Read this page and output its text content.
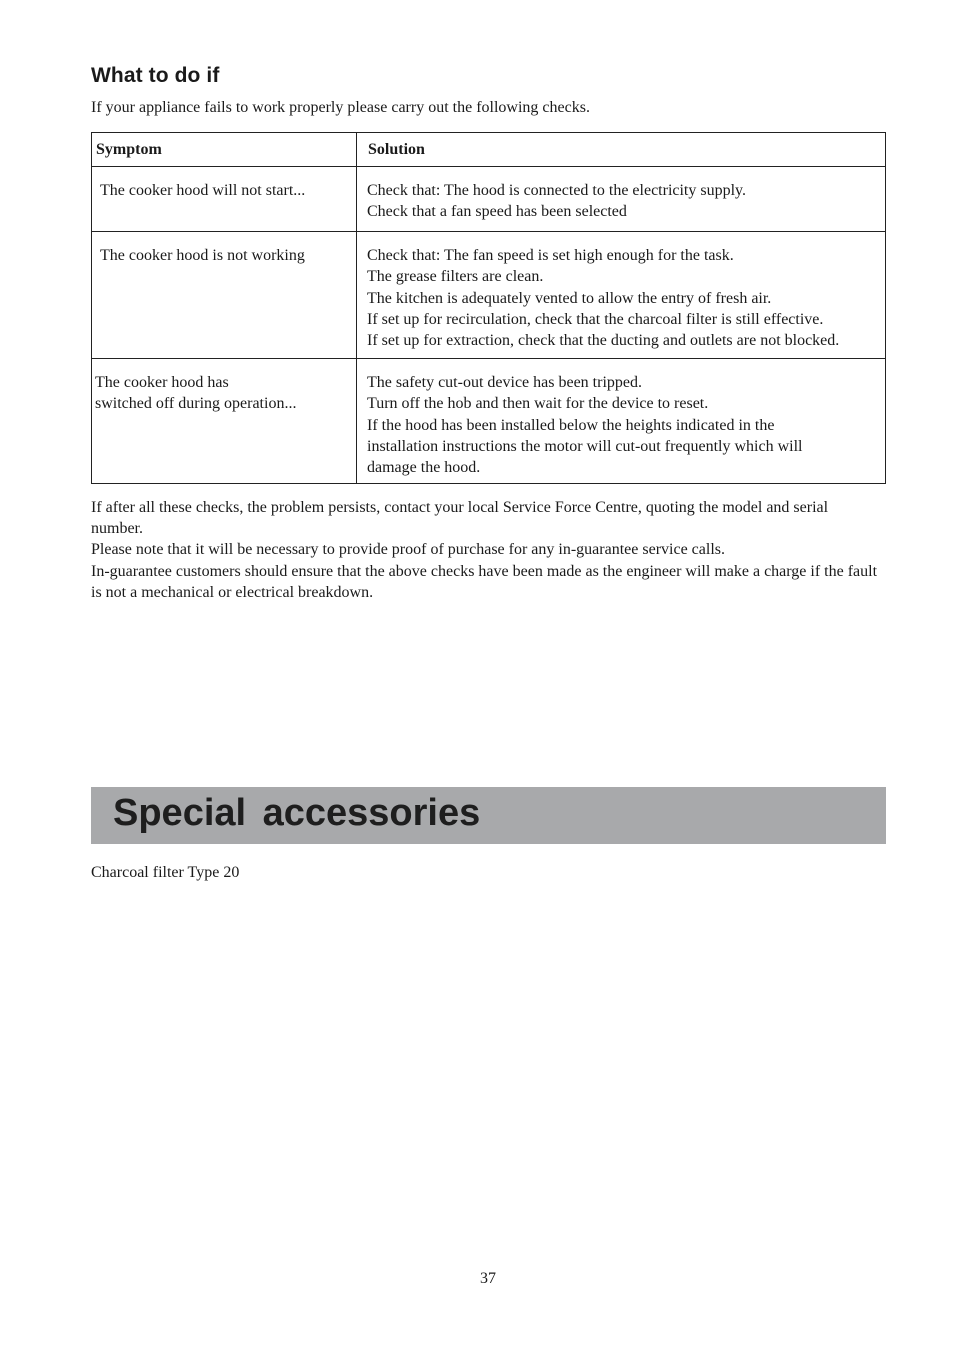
What to do if
If your appliance fails to work properly please carry out the following checks.
Symptom	Solution

The cooker hood will not start...	Check that: The hood is connected to the electricity supply.
Check that a fan speed has been selected

The cooker hood is not working	Check that: The fan speed is set high enough for the task.
The grease filters are clean.
The kitchen is adequately vented to allow the entry of fresh air.
If set up for recirculation, check that the charcoal filter is still effective.
If set up for extraction, check that the ducting and outlets are not blocked.

The cooker hood has
switched off during operation...	The safety cut-out device has been tripped.
Turn off the hob and then wait for the device to reset.
If the hood has been installed below the heights indicated in the
installation instructions the motor will cut-out frequently which will
damage the hood.

If after all these checks, the problem persists, contact your local Service Force Centre, quoting the model and serial number.

Please note that it will be necessary to provide proof of purchase for any in-guarantee service calls.

In-guarantee customers should ensure that the above checks have been made as the engineer will make a charge if the fault is not a mechanical or electrical breakdown.

Special accessories
Charcoal filter Type 20
37
